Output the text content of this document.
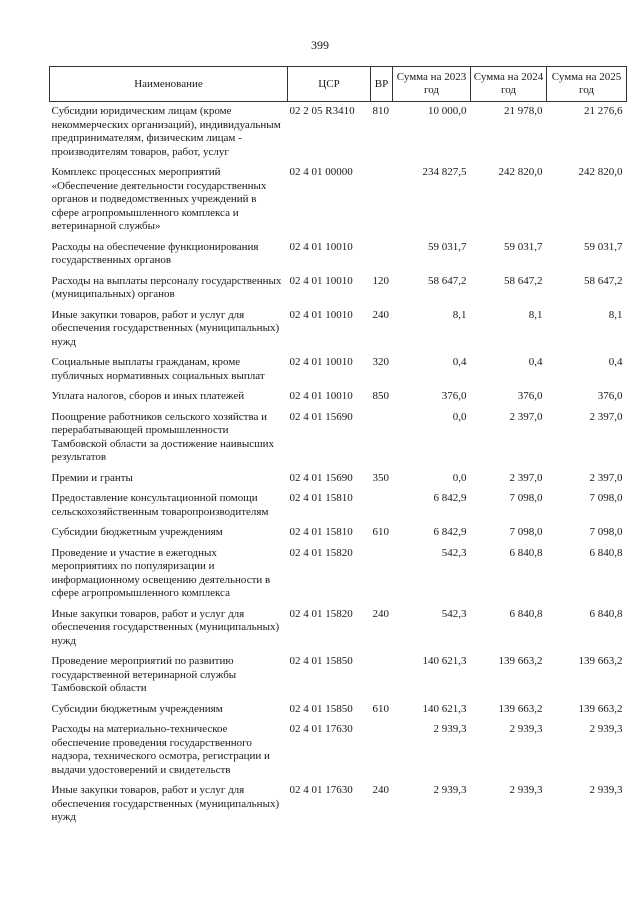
399
Наименование	ЦСР	ВР	Сумма на 2023 год	Сумма на 2024 год	Сумма на 2025 год
Субсидии юридическим лицам (кроме некоммерческих организаций), индивидуальным предпринимателям, физическим лицам - производителям товаров, работ, услуг	02 2 05 R3410	810	10 000,0	21 978,0	21 276,6
Комплекс процессных мероприятий «Обеспечение деятельности государственных органов и подведомственных учреждений в сфере агропромышленного комплекса и ветеринарной службы»	02 4 01 00000		234 827,5	242 820,0	242 820,0
Расходы на обеспечение функционирования государственных органов	02 4 01 10010		59 031,7	59 031,7	59 031,7
Расходы на выплаты персоналу государственных (муниципальных) органов	02 4 01 10010	120	58 647,2	58 647,2	58 647,2
Иные закупки товаров, работ и услуг для обеспечения государственных (муниципальных) нужд	02 4 01 10010	240	8,1	8,1	8,1
Социальные выплаты гражданам, кроме публичных нормативных социальных выплат	02 4 01 10010	320	0,4	0,4	0,4
Уплата налогов, сборов и иных платежей	02 4 01 10010	850	376,0	376,0	376,0
Поощрение работников сельского хозяйства и перерабатывающей промышленности Тамбовской области за достижение наивысших результатов	02 4 01 15690		0,0	2 397,0	2 397,0
Премии и гранты	02 4 01 15690	350	0,0	2 397,0	2 397,0
Предоставление консультационной помощи сельскохозяйственным товаропроизводителям	02 4 01 15810		6 842,9	7 098,0	7 098,0
Субсидии бюджетным учреждениям	02 4 01 15810	610	6 842,9	7 098,0	7 098,0
Проведение и участие в ежегодных мероприятиях по популяризации и информационному освещению деятельности в сфере агропромышленного комплекса	02 4 01 15820		542,3	6 840,8	6 840,8
Иные закупки товаров, работ и услуг для обеспечения государственных (муниципальных) нужд	02 4 01 15820	240	542,3	6 840,8	6 840,8
Проведение мероприятий по развитию государственной ветеринарной службы Тамбовской области	02 4 01 15850		140 621,3	139 663,2	139 663,2
Субсидии бюджетным учреждениям	02 4 01 15850	610	140 621,3	139 663,2	139 663,2
Расходы на материально-техническое обеспечение проведения государственного надзора, технического осмотра, регистрации и выдачи удостоверений и свидетельств	02 4 01 17630		2 939,3	2 939,3	2 939,3
Иные закупки товаров, работ и услуг для обеспечения государственных (муниципальных) нужд	02 4 01 17630	240	2 939,3	2 939,3	2 939,3
